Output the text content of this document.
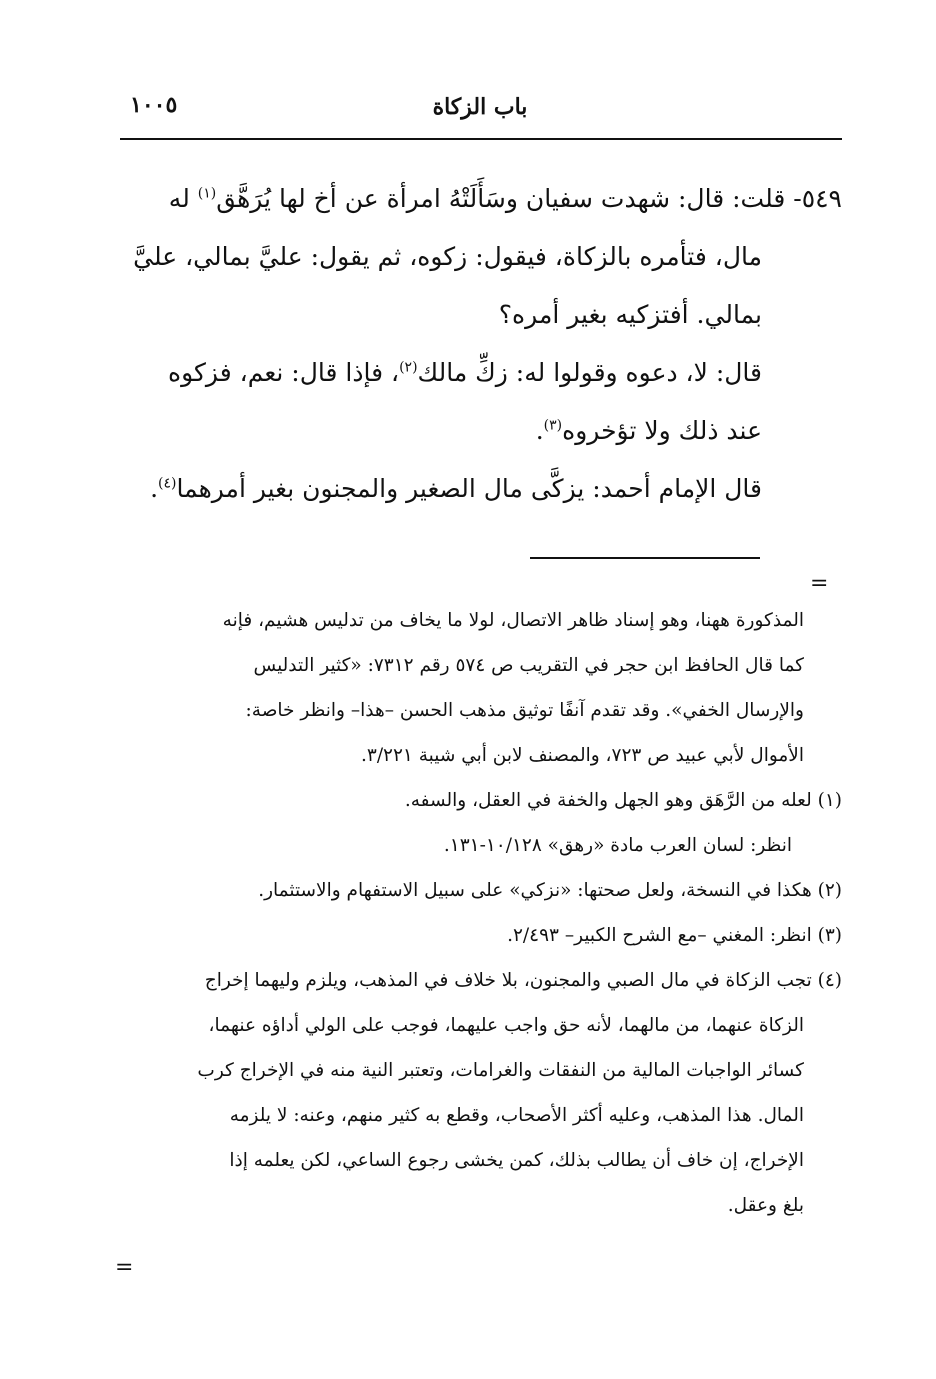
باب الزكاة
١٠٠٥
٥٤٩- قلت: قال: شهدت سفيان وسَأَلَتْهُ امرأة عن أخ لها يُرَهَّق$^{(١)}$ له
مال، فتأمره بالزكاة، فيقول: زكوه، ثم يقول: عليَّ بمالي، عليَّ
بمالي. أفتزكيه بغير أمره؟
قال: لا، دعوه وقولوا له: زكِّ مالك$^{(٢)}$، فإذا قال: نعم، فزكوه
عند ذلك ولا تؤخروه$^{(٣)}$.
قال الإمام أحمد: يزكَّى مال الصغير والمجنون بغير أمرهما$^{(٤)}$.
=
المذكورة ههنا، وهو إسناد ظاهر الاتصال، لولا ما يخاف من تدليس هشيم، فإنه
كما قال الحافظ ابن حجر في التقريب ص ٥٧٤ رقم ٧٣١٢: «كثير التدليس
والإرسال الخفي». وقد تقدم آنفًا توثيق مذهب الحسن –هذا– وانظر خاصة:
الأموال لأبي عبيد ص ٧٢٣، والمصنف لابن أبي شيبة ٣/٢٢١.
(١) لعله من الرَّهَق وهو الجهل والخفة في العقل، والسفه.
انظر: لسان العرب مادة «رهق» ١٠/١٢٨-١٣١.
(٢) هكذا في النسخة، ولعل صحتها: «نزكي» على سبيل الاستفهام والاستثمار.
(٣) انظر: المغني –مع الشرح الكبير– ٢/٤٩٣.
(٤) تجب الزكاة في مال الصبي والمجنون، بلا خلاف في المذهب، ويلزم وليهما إخراج
الزكاة عنهما، من مالهما، لأنه حق واجب عليهما، فوجب على الولي أداؤه عنهما،
كسائر الواجبات المالية من النفقات والغرامات، وتعتبر النية منه في الإخراج كرب
المال. هذا المذهب، وعليه أكثر الأصحاب، وقطع به كثير منهم، وعنه: لا يلزمه
الإخراج، إن خاف أن يطالب بذلك، كمن يخشى رجوع الساعي، لكن يعلمه إذا
بلغ وعقل.
=
